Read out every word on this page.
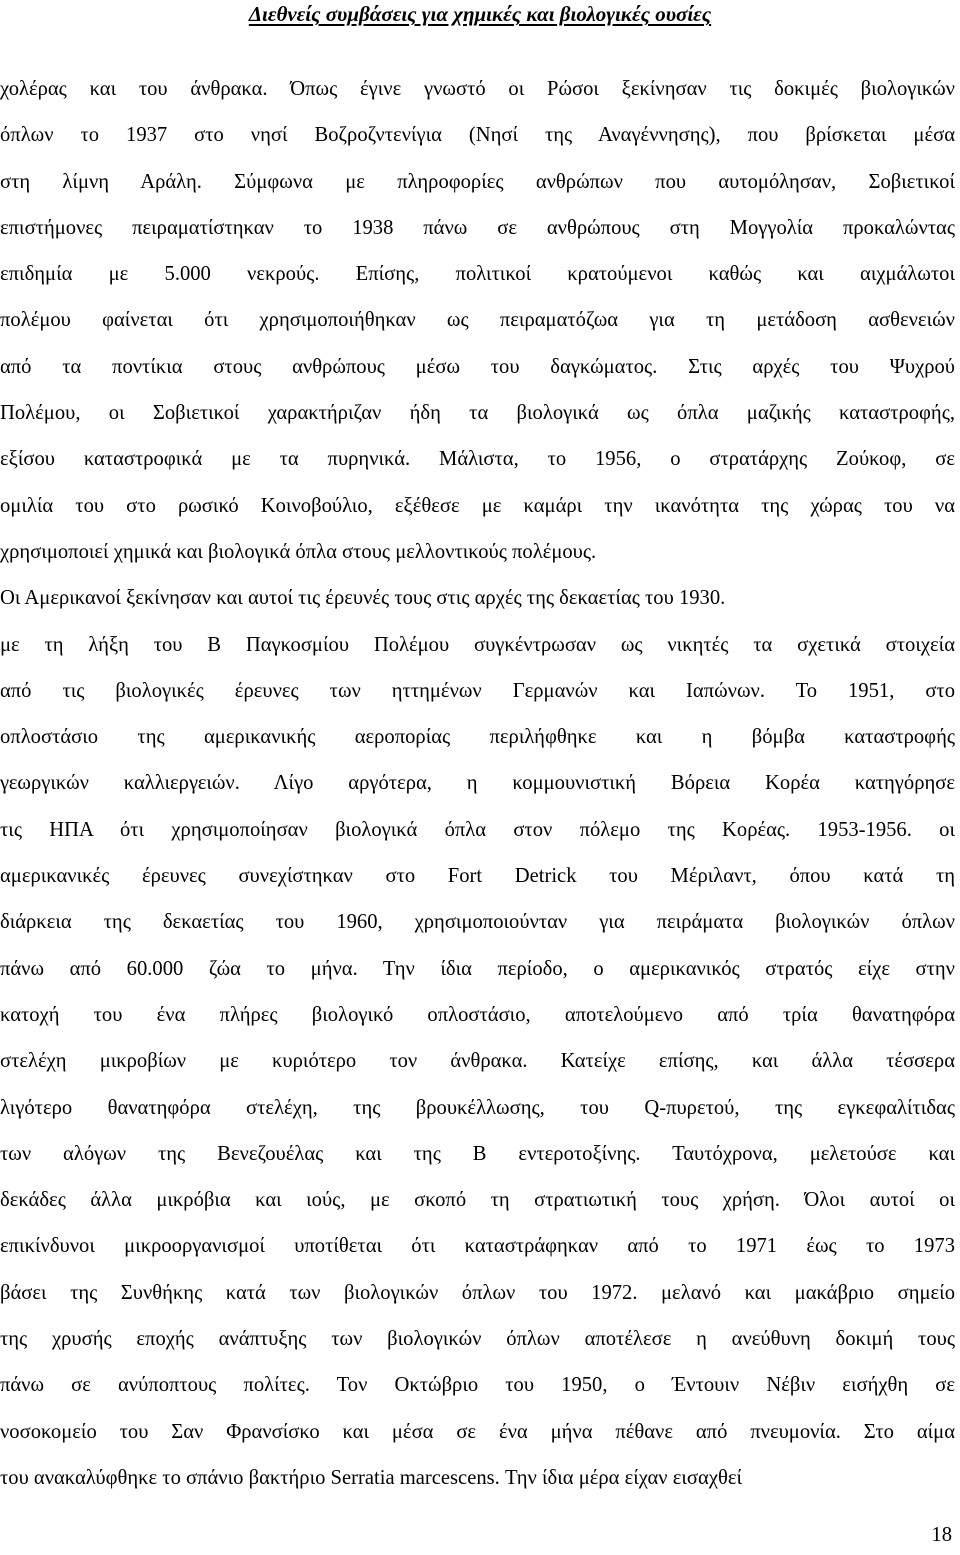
Διεθνείς συμβάσεις για χημικές και βιολογικές ουσίες
χολέρας και του άνθρακα. Όπως έγινε γνωστό οι Ρώσοι ξεκίνησαν τις δοκιμές βιολογικών
όπλων το 1937 στο νησί Βοζροζντενίγια (Νησί της Αναγέννησης), που βρίσκεται μέσα
στη λίμνη Αράλη. Σύμφωνα με πληροφορίες ανθρώπων που αυτομόλησαν, Σοβιετικοί
επιστήμονες πειραματίστηκαν το 1938 πάνω σε ανθρώπους στη Μογγολία προκαλώντας
επιδημία με 5.000 νεκρούς. Επίσης, πολιτικοί κρατούμενοι καθώς και αιχμάλωτοι
πολέμου φαίνεται ότι χρησιμοποιήθηκαν ως πειραματόζωα για τη μετάδοση ασθενειών
από τα ποντίκια στους ανθρώπους μέσω του δαγκώματος. Στις αρχές του Ψυχρού
Πολέμου, οι Σοβιετικοί χαρακτήριζαν ήδη τα βιολογικά ως όπλα μαζικής καταστροφής,
εξίσου καταστροφικά με τα πυρηνικά. Μάλιστα, το 1956, ο στρατάρχης Ζούκοφ, σε
ομιλία του στο ρωσικό Κοινοβούλιο, εξέθεσε με καμάρι την ικανότητα της χώρας του να
χρησιμοποιεί χημικά και βιολογικά όπλα στους μελλοντικούς πολέμους.
Οι Αμερικανοί ξεκίνησαν και αυτοί τις έρευνές τους στις αρχές της δεκαετίας του 1930.
με τη λήξη του Β Παγκοσμίου Πολέμου συγκέντρωσαν ως νικητές τα σχετικά στοιχεία
από τις βιολογικές έρευνες των ηττημένων Γερμανών και Ιαπώνων. Το 1951, στο
οπλοστάσιο της αμερικανικής αεροπορίας περιλήφθηκε και η βόμβα καταστροφής
γεωργικών καλλιεργειών. Λίγο αργότερα, η κομμουνιστική Βόρεια Κορέα κατηγόρησε
τις ΗΠΑ ότι χρησιμοποίησαν βιολογικά όπλα στον πόλεμο της Κορέας. 1953-1956. οι
αμερικανικές έρευνες συνεχίστηκαν στο Fort Detrick του Μέριλαντ, όπου κατά τη
διάρκεια της δεκαετίας του 1960, χρησιμοποιούνταν για πειράματα βιολογικών όπλων
πάνω από 60.000 ζώα το μήνα. Την ίδια περίοδο, ο αμερικανικός στρατός είχε στην
κατοχή του ένα πλήρες βιολογικό οπλοστάσιο, αποτελούμενο από τρία θανατηφόρα
στελέχη μικροβίων με κυριότερο τον άνθρακα. Κατείχε επίσης, και άλλα τέσσερα
λιγότερο θανατηφόρα στελέχη, της βρουκέλλωσης, του Q-πυρετού, της εγκεφαλίτιδας
των αλόγων της Βενεζουέλας και της Β εντεροτοξίνης. Ταυτόχρονα, μελετούσε και
δεκάδες άλλα μικρόβια και ιούς, με σκοπό τη στρατιωτική τους χρήση. Όλοι αυτοί οι
επικίνδυνοι μικροοργανισμοί υποτίθεται ότι καταστράφηκαν από το 1971 έως το 1973
βάσει της Συνθήκης κατά των βιολογικών όπλων του 1972. μελανό και μακάβριο σημείο
της χρυσής εποχής ανάπτυξης των βιολογικών όπλων αποτέλεσε η ανεύθυνη δοκιμή τους
πάνω σε ανύποπτους πολίτες. Τον Οκτώβριο του 1950, ο Έντουιν Νέβιν εισήχθη σε
νοσοκομείο του Σαν Φρανσίσκο και μέσα σε ένα μήνα πέθανε από πνευμονία. Στο αίμα
του ανακαλύφθηκε το σπάνιο βακτήριο Serratia marcescens. Την ίδια μέρα είχαν εισαχθεί
18
